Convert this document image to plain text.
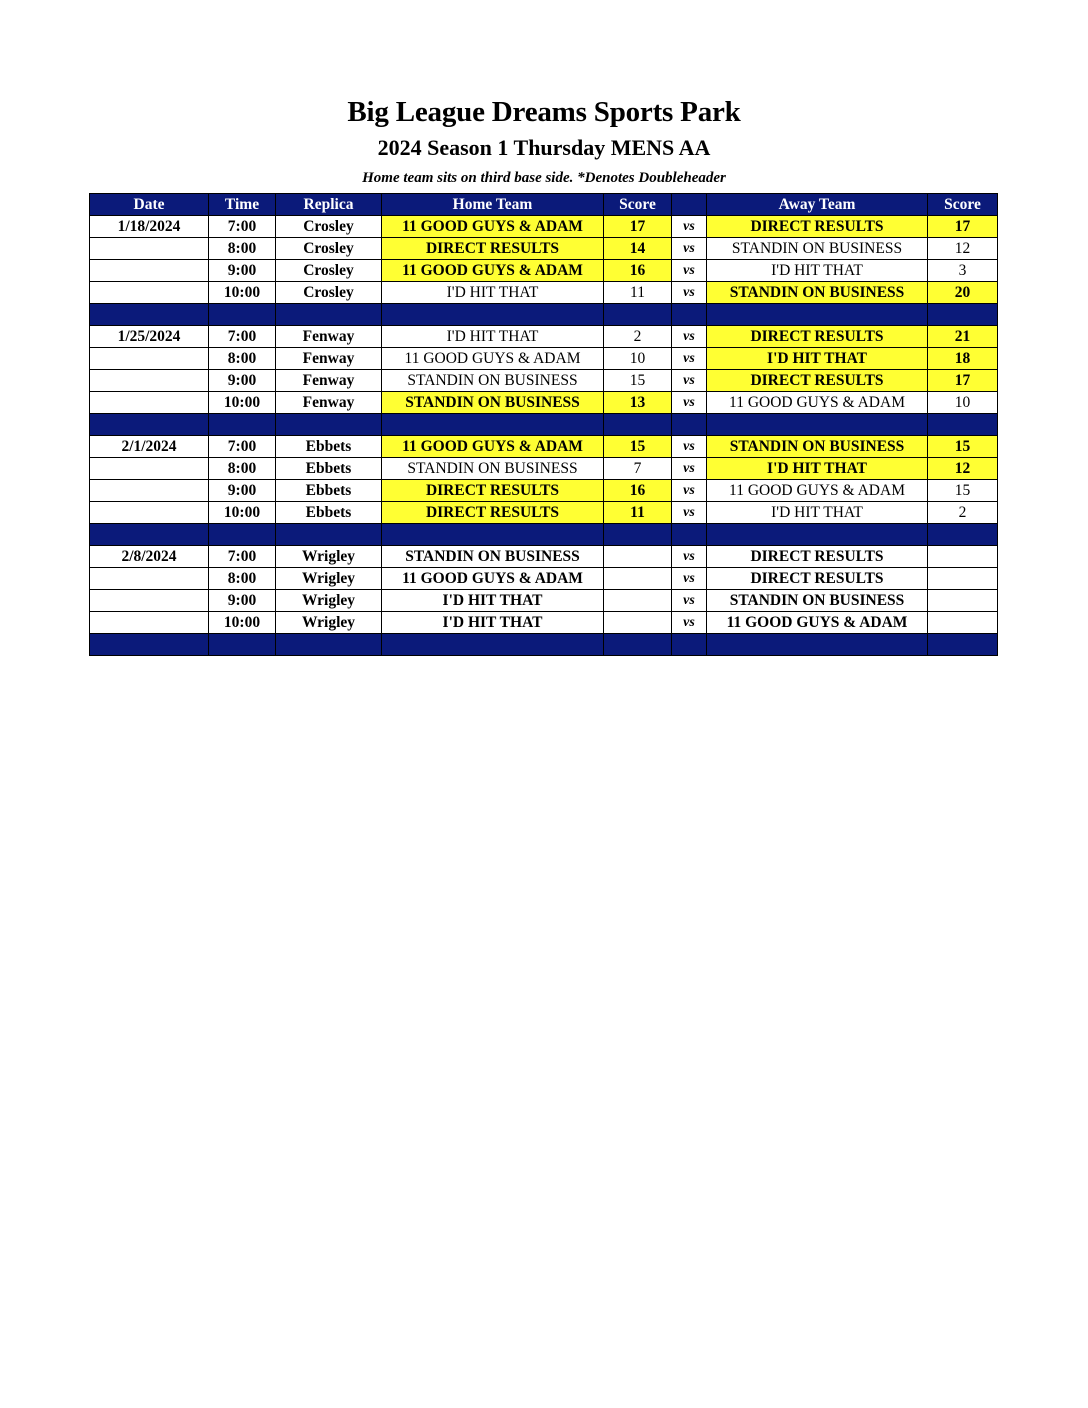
Big League Dreams Sports Park
2024 Season 1 Thursday MENS AA
Home team sits on third base side. *Denotes Doubleheader
Date	Time	Replica	Home Team	Score		Away Team	Score
1/18/2024	7:00	Crosley	11 GOOD GUYS & ADAM	17	vs	DIRECT RESULTS	17
	8:00	Crosley	DIRECT RESULTS	14	vs	STANDIN ON BUSINESS	12
	9:00	Crosley	11 GOOD GUYS & ADAM	16	vs	I'D HIT THAT	3
	10:00	Crosley	I'D HIT THAT	11	vs	STANDIN ON BUSINESS	20

1/25/2024	7:00	Fenway	I'D HIT THAT	2	vs	DIRECT RESULTS	21
	8:00	Fenway	11 GOOD GUYS & ADAM	10	vs	I'D HIT THAT	18
	9:00	Fenway	STANDIN ON BUSINESS	15	vs	DIRECT RESULTS	17
	10:00	Fenway	STANDIN ON BUSINESS	13	vs	11 GOOD GUYS & ADAM	10

2/1/2024	7:00	Ebbets	11 GOOD GUYS & ADAM	15	vs	STANDIN ON BUSINESS	15
	8:00	Ebbets	STANDIN ON BUSINESS	7	vs	I'D HIT THAT	12
	9:00	Ebbets	DIRECT RESULTS	16	vs	11 GOOD GUYS & ADAM	15
	10:00	Ebbets	DIRECT RESULTS	11	vs	I'D HIT THAT	2

2/8/2024	7:00	Wrigley	STANDIN ON BUSINESS		vs	DIRECT RESULTS	
	8:00	Wrigley	11 GOOD GUYS & ADAM		vs	DIRECT RESULTS	
	9:00	Wrigley	I'D HIT THAT		vs	STANDIN ON BUSINESS	
	10:00	Wrigley	I'D HIT THAT		vs	11 GOOD GUYS & ADAM	
